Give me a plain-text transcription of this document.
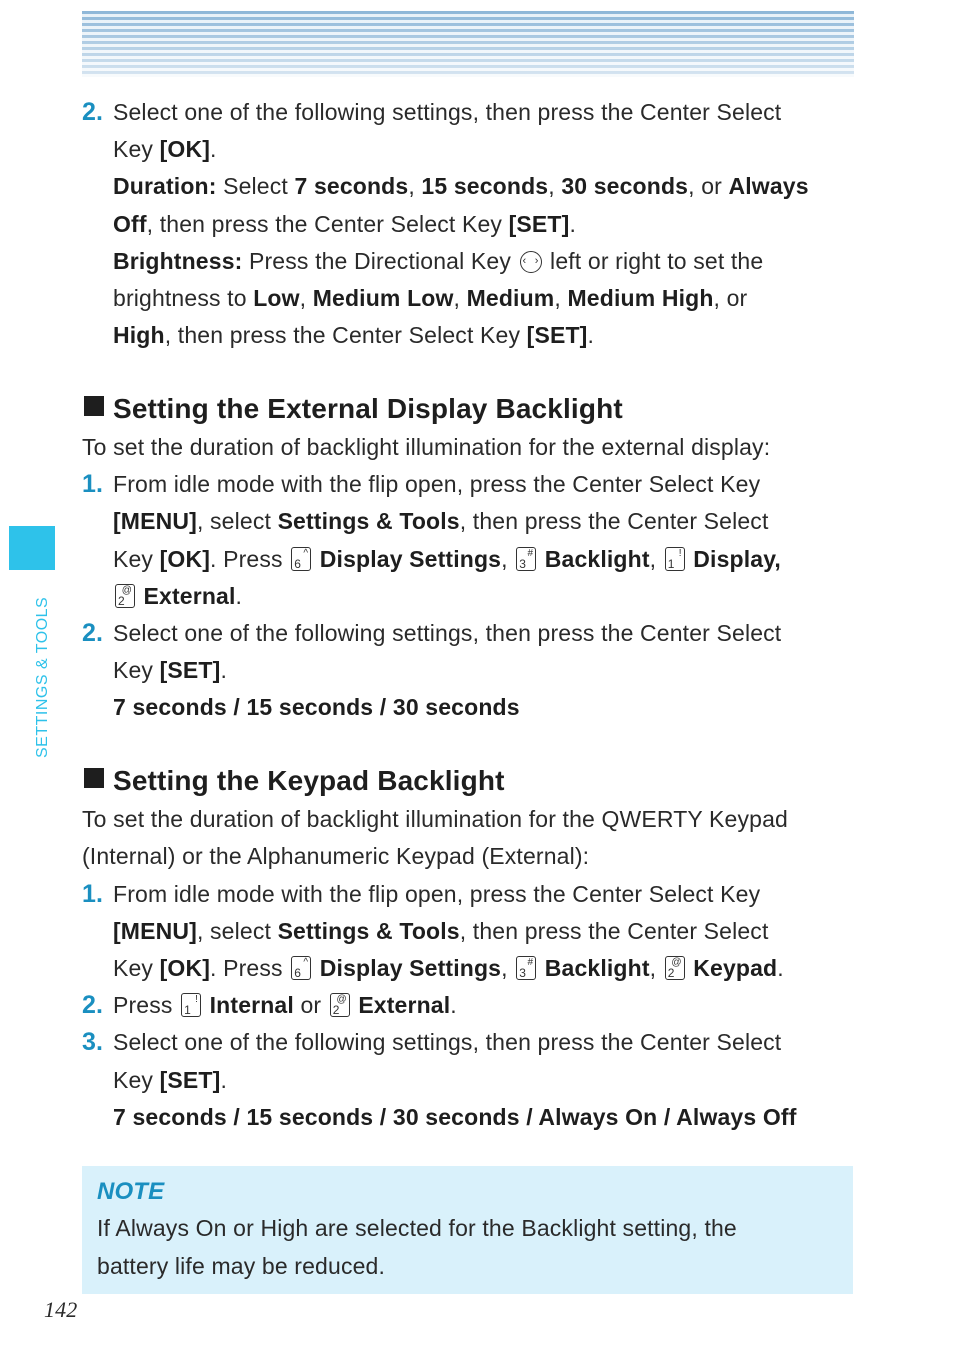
SETTINGS & TOOLS
2. Select one of the following settings, then press the Center Select
Key [OK].
Duration: Select 7 seconds, 15 seconds, 30 seconds, or Always
Off, then press the Center Select Key [SET].
Brightness: Press the Directional Key ‹ › left or right to set the
brightness to Low, Medium Low, Medium, Medium High, or
High, then press the Center Select Key [SET].
Setting the External Display Backlight
To set the duration of backlight illumination for the external display:
1. From idle mode with the flip open, press the Center Select Key
[MENU], select Settings & Tools, then press the Center Select
Key [OK]. Press 6
^ Display Settings, 3
# Backlight, 1
! Display,
2
@ External.
2. Select one of the following settings, then press the Center Select
Key [SET].
7 seconds / 15 seconds / 30 seconds
Setting the Keypad Backlight
To set the duration of backlight illumination for the QWERTY Keypad
(Internal) or the Alphanumeric Keypad (External):
1. From idle mode with the flip open, press the Center Select Key
[MENU], select Settings & Tools, then press the Center Select
Key [OK]. Press 6
^ Display Settings, 3
# Backlight, 2
@ Keypad.
2. Press 1
! Internal or 2
@ External.
3. Select one of the following settings, then press the Center Select
Key [SET].
7 seconds / 15 seconds / 30 seconds / Always On / Always Off
NOTE
If Always On or High are selected for the Backlight setting, the
battery life may be reduced.
142
